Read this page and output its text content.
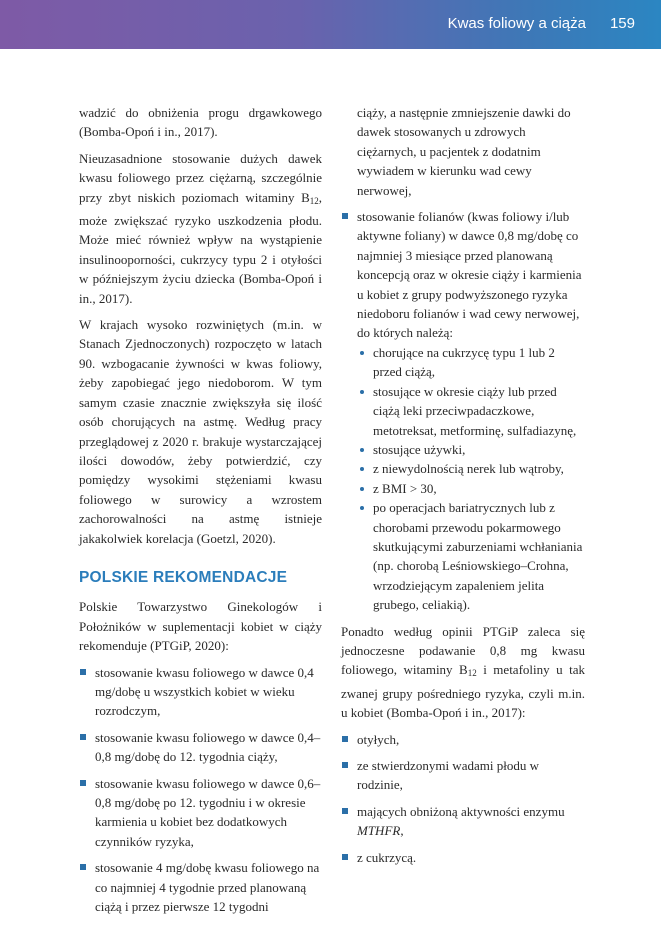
Kwas foliowy a ciąża 159

wadzić do obniżenia progu drgawkowego (Bomba-Opoń i in., 2017).

Nieuzasadnione stosowanie dużych dawek kwasu foliowego przez ciężarną, szczególnie przy zbyt niskich poziomach witaminy B12, może zwiększać ryzyko uszkodzenia płodu. Może mieć również wpływ na wystąpienie insulinooporności, cukrzycy typu 2 i otyłości w późniejszym życiu dziecka (Bomba-Opoń i in., 2017).

W krajach wysoko rozwiniętych (m.in. w Stanach Zjednoczonych) rozpoczęto w latach 90. wzbogacanie żywności w kwas foliowy, żeby zapobiegać jego niedoborom. W tym samym czasie znacznie zwiększyła się ilość osób chorujących na astmę. Według pracy przeglądowej z 2020 r. brakuje wystarczającej ilości dowodów, żeby potwierdzić, czy pomiędzy wysokimi stężeniami kwasu foliowego w surowicy a wzrostem zachorowalności na astmę istnieje jakakolwiek korelacja (Goetzl, 2020).

POLSKIE REKOMENDACJE

Polskie Towarzystwo Ginekologów i Położników w suplementacji kobiet w ciąży rekomenduje (PTGiP, 2020):

stosowanie kwasu foliowego w dawce 0,4 mg/dobę u wszystkich kobiet w wieku rozrodczym,
stosowanie kwasu foliowego w dawce 0,4–0,8 mg/dobę do 12. tygodnia ciąży,
stosowanie kwasu foliowego w dawce 0,6–0,8 mg/dobę po 12. tygodniu i w okresie karmienia u kobiet bez dodatkowych czynników ryzyka,
stosowanie 4 mg/dobę kwasu foliowego na co najmniej 4 tygodnie przed planowaną ciążą i przez pierwsze 12 tygodni
ciąży, a następnie zmniejszenie dawki do dawek stosowanych u zdrowych ciężarnych, u pacjentek z dodatnim wywiadem w kierunku wad cewy nerwowej,
stosowanie folianów (kwas foliowy i/lub aktywne foliany) w dawce 0,8 mg/dobę co najmniej 3 miesiące przed planowaną koncepcją oraz w okresie ciąży i karmienia u kobiet z grupy podwyższonego ryzyka niedoboru folianów i wad cewy nerwowej, do których należą:
chorujące na cukrzycę typu 1 lub 2 przed ciążą,
stosujące w okresie ciąży lub przed ciążą leki przeciwpadaczkowe, metotreksat, metforminę, sulfadiazynę,
stosujące używki,
z niewydolnością nerek lub wątroby,
z BMI > 30,
po operacjach bariatrycznych lub z chorobami przewodu pokarmowego skutkującymi zaburzeniami wchłaniania (np. chorobą Leśniowskiego–Crohna, wrzodziejącym zapaleniem jelita grubego, celiakią).

Ponadto według opinii PTGiP zaleca się jednoczesne podawanie 0,8 mg kwasu foliowego, witaminy B12 i metafoliny u tak zwanej grupy pośredniego ryzyka, czyli m.in. u kobiet (Bomba-Opoń i in., 2017):

otyłych,
ze stwierdzonymi wadami płodu w rodzinie,
mających obniżoną aktywności enzymu MTHFR,
z cukrzycą.
